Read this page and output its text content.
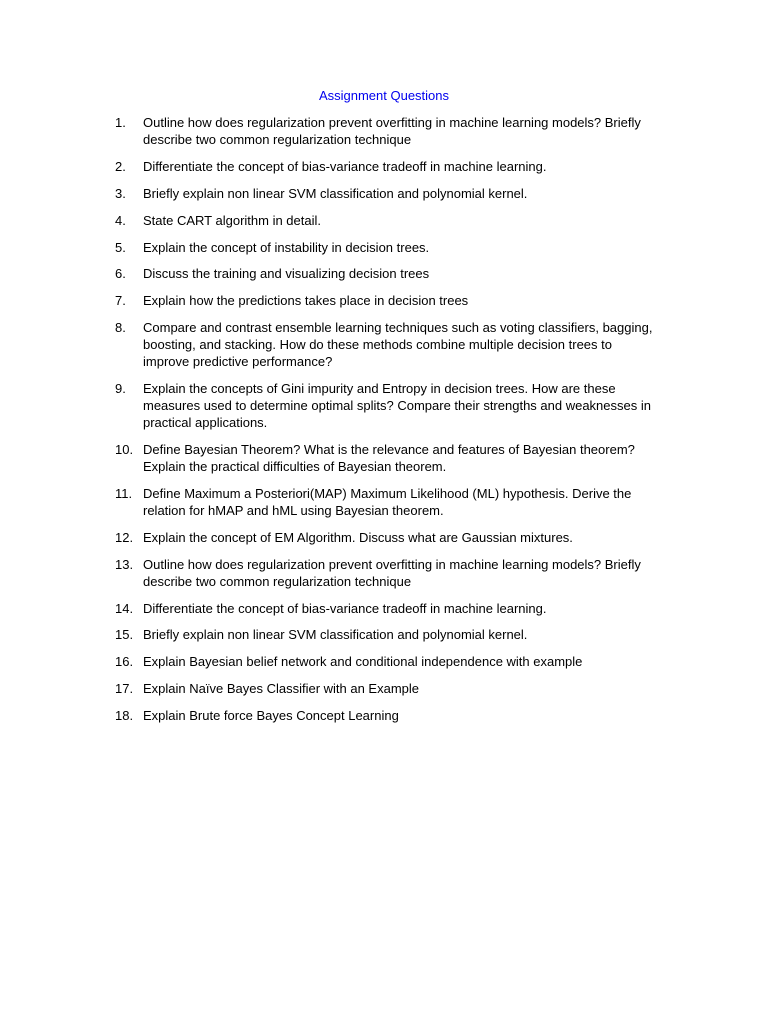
Assignment Questions
1.	Outline how does regularization prevent overfitting in machine learning models? Briefly describe two common regularization technique
2.	Differentiate the concept of bias-variance tradeoff in machine learning.
3.	Briefly explain non linear SVM classification and polynomial kernel.
4.	State CART algorithm in detail.
5.	Explain the concept of instability in decision trees.
6.	Discuss the training and visualizing decision trees
7.	Explain how the predictions takes place in decision trees
8.	Compare and contrast ensemble learning techniques such as voting classifiers, bagging, boosting, and stacking. How do these methods combine multiple decision trees to improve predictive performance?
9.	Explain the concepts of Gini impurity and Entropy in decision trees. How are these measures used to determine optimal splits? Compare their strengths and weaknesses in practical applications.
10. Define Bayesian Theorem? What is the relevance and features of Bayesian theorem? Explain the practical difficulties of Bayesian theorem.
11. Define Maximum a Posteriori(MAP) Maximum Likelihood (ML) hypothesis. Derive the relation for hMAP and hML using Bayesian theorem.
12. Explain the concept of EM Algorithm. Discuss what are Gaussian mixtures.
13. Outline how does regularization prevent overfitting in machine learning models? Briefly describe two common regularization technique
14. Differentiate the concept of bias-variance tradeoff in machine learning.
15. Briefly explain non linear SVM classification and polynomial kernel.
16. Explain Bayesian belief network and conditional independence with example
17. Explain Naïve Bayes Classifier with an Example
18. Explain Brute force Bayes Concept Learning
